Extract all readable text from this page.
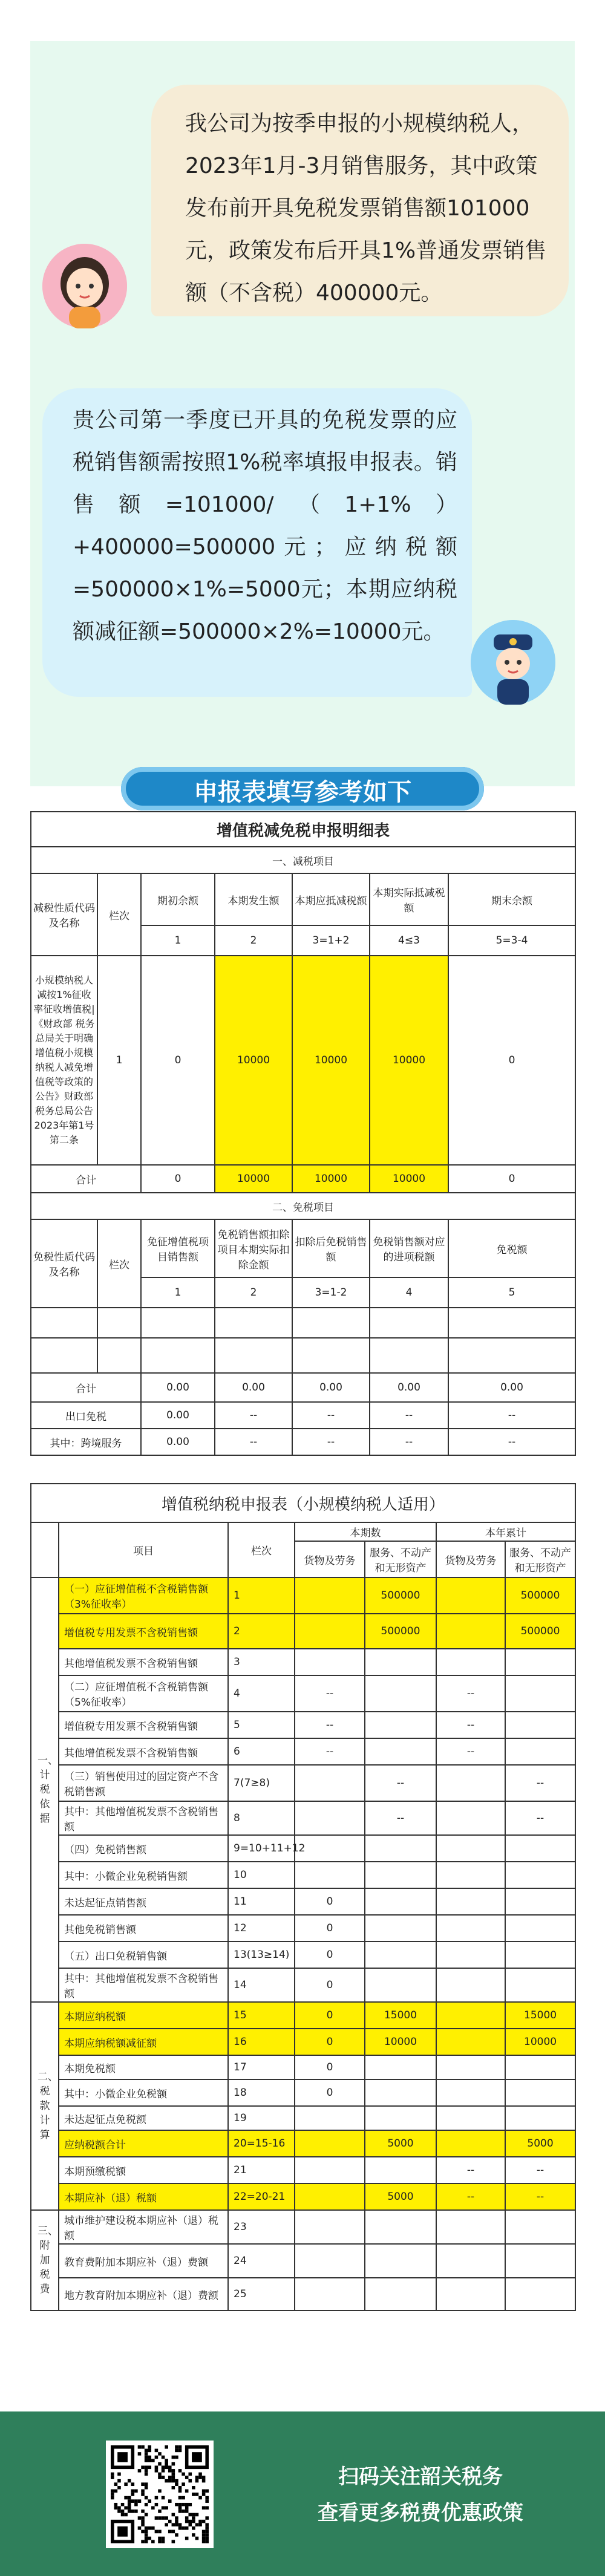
我公司为按季申报的小规模纳税人，2023年1月-3月销售服务，其中政策发布前开具免税发票销售额101000元，政策发布后开具1%普通发票销售额（不含税）400000元。
贵公司第一季度已开具的免税发票的应税销售额需按照1%税率填报申报表。销售额=101000/（1+1%）+400000=500000元；应纳税额=500000×1%=5000元；本期应纳税额减征额=500000×2%=10000元。

增值税减免税申报明细表						
一、减税项目						
减税性质代码及名称	栏次	期初余额	本期发生额	本期应抵减税额	本期实际抵减税额	期末余额
		1	2	3=1+2	4≤3	5=3-4
小规模纳税人减按1%征收率征收增值税|《财政部 税务总局关于明确增值税小规模纳税人减免增值税等政策的公告》财政部 税务总局公告2023年第1号第二条	1	0	10000	10000	10000	0
合计		0	10000	10000	10000	0
二、免税项目						
免税性质代码及名称	栏次	免征增值税项目销售额	免税销售额扣除项目本期实际扣除金额	扣除后免税销售额	免税销售额对应的进项税额	免税额
		1	2	3=1-2	4	5

合计		0.00	0.00	0.00	0.00	0.00
出口免税		0.00	--	--	--	--
其中：跨境服务		0.00	--	--	--	--
申报表填写参考如下
增值税纳税申报表（小规模纳税人适用）						
	项目	栏次	本期数		本年累计	
			货物及劳务	服务、不动产和无形资产	货物及劳务	服务、不动产和无形资产
一、计税依据	（一）应征增值税不含税销售额（3%征收率）	1		500000		500000
	增值税专用发票不含税销售额	2		500000		500000
	其他增值税发票不含税销售额	3				
	（二）应征增值税不含税销售额（5%征收率）	4	--		--	
	增值税专用发票不含税销售额	5	--		--	
	其他增值税发票不含税销售额	6	--		--	
	（三）销售使用过的固定资产不含税销售额	7(7≥8)		--		--
	其中：其他增值税发票不含税销售额	8		--		--
	（四）免税销售额	9=10+11+12				
	其中：小微企业免税销售额	10				
	未达起征点销售额	11	0			
	其他免税销售额	12	0			
	（五）出口免税销售额	13(13≥14)	0			
	其中：其他增值税发票不含税销售额	14	0			
二、税款计算	本期应纳税额	15	0	15000		15000
	本期应纳税额减征额	16	0	10000		10000
	本期免税额	17	0			
	其中：小微企业免税额	18	0			
	未达起征点免税额	19				
	应纳税额合计	20=15-16		5000		5000
	本期预缴税额	21			--	--
	本期应补（退）税额	22=20-21		5000	--	--
三、附加税费	城市维护建设税本期应补（退）税额	23				
	教育费附加本期应补（退）费额	24				
	地方教育附加本期应补（退）费额	25				
扫码关注韶关税务
查看更多税费优惠政策
